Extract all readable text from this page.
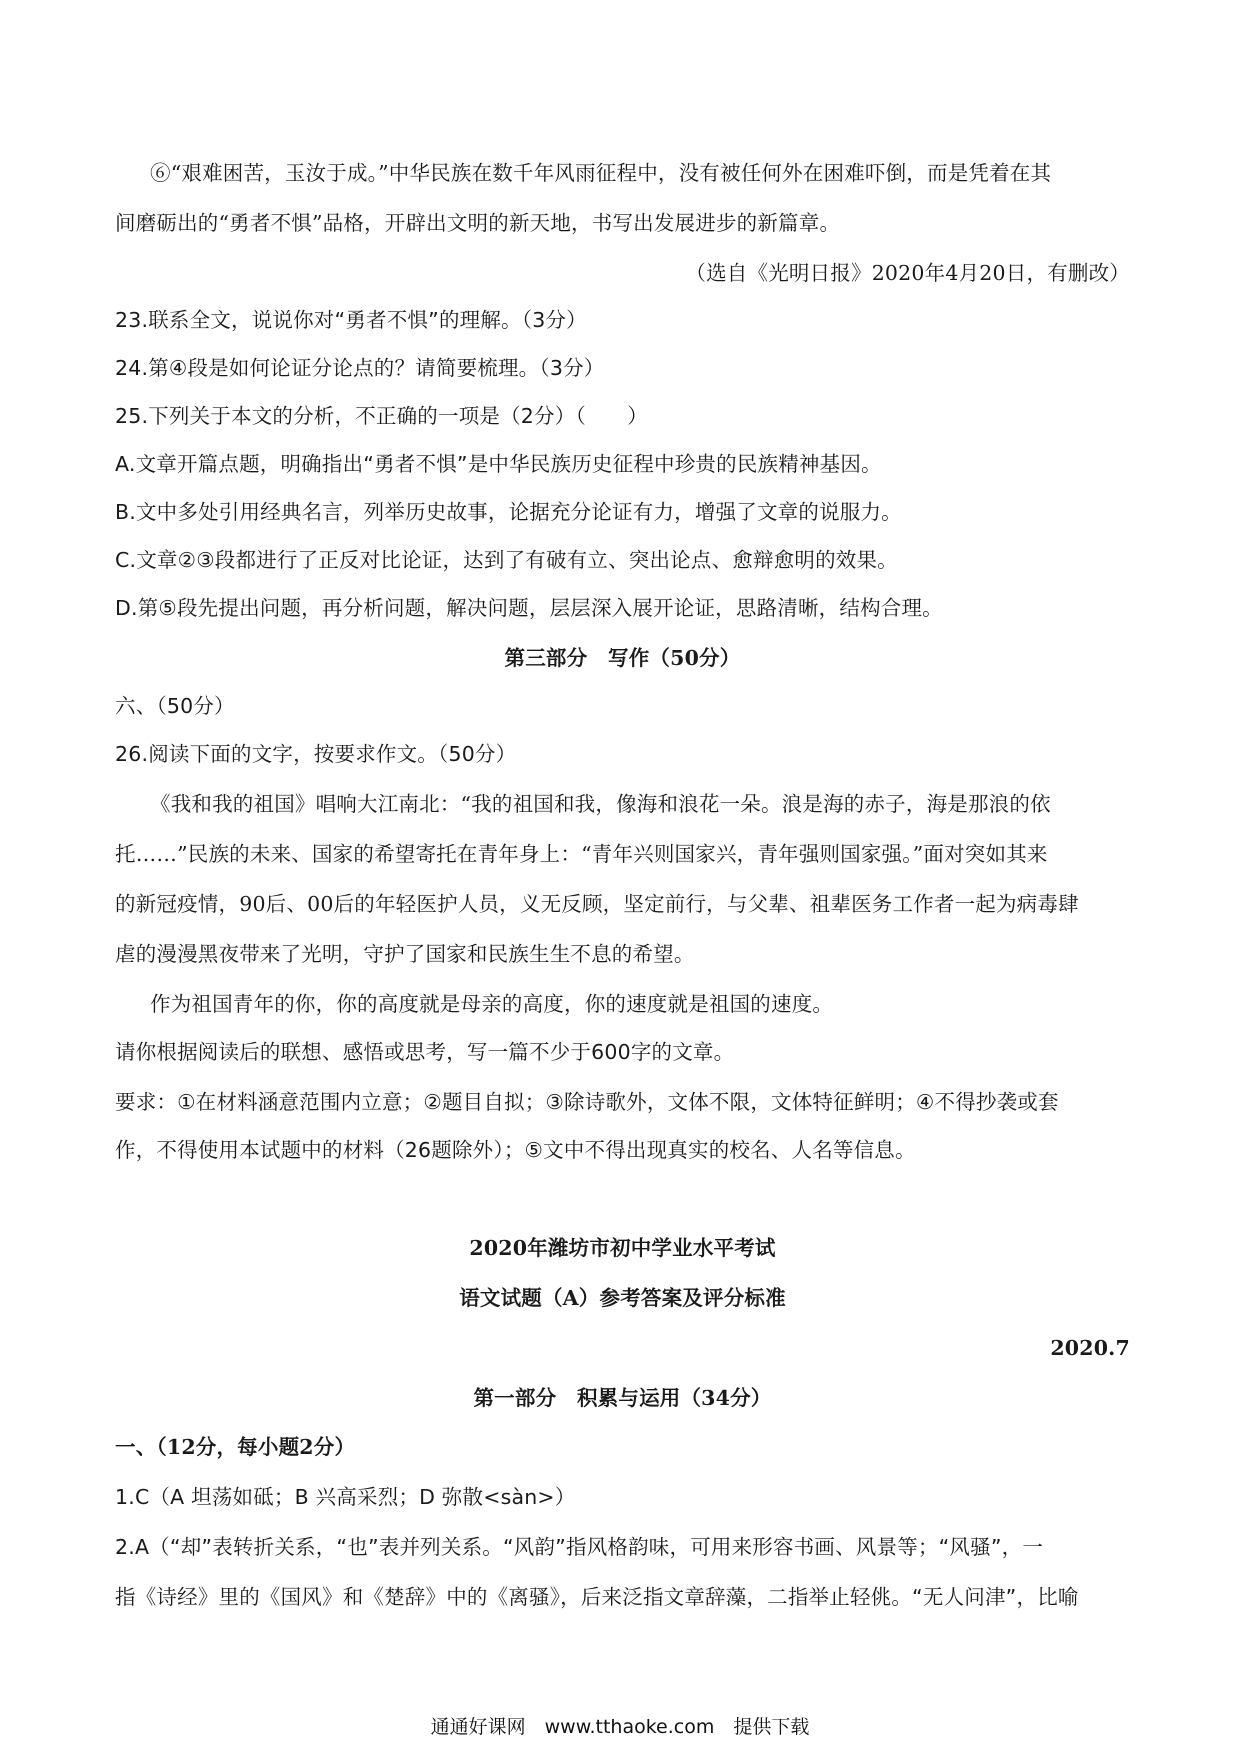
⑥“艰难困苦，玉汝于成。”中华民族在数千年风雨征程中，没有被任何外在困难吓倒，而是凭着在其
间磨砺出的“勇者不惧”品格，开辟出文明的新天地，书写出发展进步的新篇章。
（选自《光明日报》2020年4月20日，有删改）
23.联系全文，说说你对“勇者不惧”的理解。（3分）
24.第④段是如何论证分论点的？请简要梳理。（3分）
25.下列关于本文的分析，不正确的一项是（2分）（　　）
A.文章开篇点题，明确指出“勇者不惧”是中华民族历史征程中珍贵的民族精神基因。
B.文中多处引用经典名言，列举历史故事，论据充分论证有力，增强了文章的说服力。
C.文章②③段都进行了正反对比论证，达到了有破有立、突出论点、愈辩愈明的效果。
D.第⑤段先提出问题，再分析问题，解决问题，层层深入展开论证，思路清晰，结构合理。
第三部分　写作（50分）
六、（50分）
26.阅读下面的文字，按要求作文。（50分）
《我和我的祖国》唱响大江南北：“我的祖国和我，像海和浪花一朵。浪是海的赤子，海是那浪的依
托……”民族的未来、国家的希望寄托在青年身上：“青年兴则国家兴，青年强则国家强。”面对突如其来
的新冠疫情，90后、00后的年轻医护人员，义无反顾，坚定前行，与父辈、祖辈医务工作者一起为病毒肆
虐的漫漫黑夜带来了光明，守护了国家和民族生生不息的希望。
作为祖国青年的你，你的高度就是母亲的高度，你的速度就是祖国的速度。
请你根据阅读后的联想、感悟或思考，写一篇不少于600字的文章。
要求：①在材料涵意范围内立意；②题目自拟；③除诗歌外，文体不限，文体特征鲜明；④不得抄袭或套
作，不得使用本试题中的材料（26题除外）；⑤文中不得出现真实的校名、人名等信息。
2020年潍坊市初中学业水平考试
语文试题（A）参考答案及评分标准
2020.7
第一部分　积累与运用（34分）
一、（12分，每小题2分）
1.C（A 坦荡如砥；B 兴高采烈；D 弥散<sàn>）
2.A（“却”表转折关系，“也”表并列关系。“风韵”指风格韵味，可用来形容书画、风景等；“风骚”，一
指《诗经》里的《国风》和《楚辞》中的《离骚》，后来泛指文章辞藻，二指举止轻佻。“无人问津”，比喻
通通好课网　www.tthaoke.com　提供下载
